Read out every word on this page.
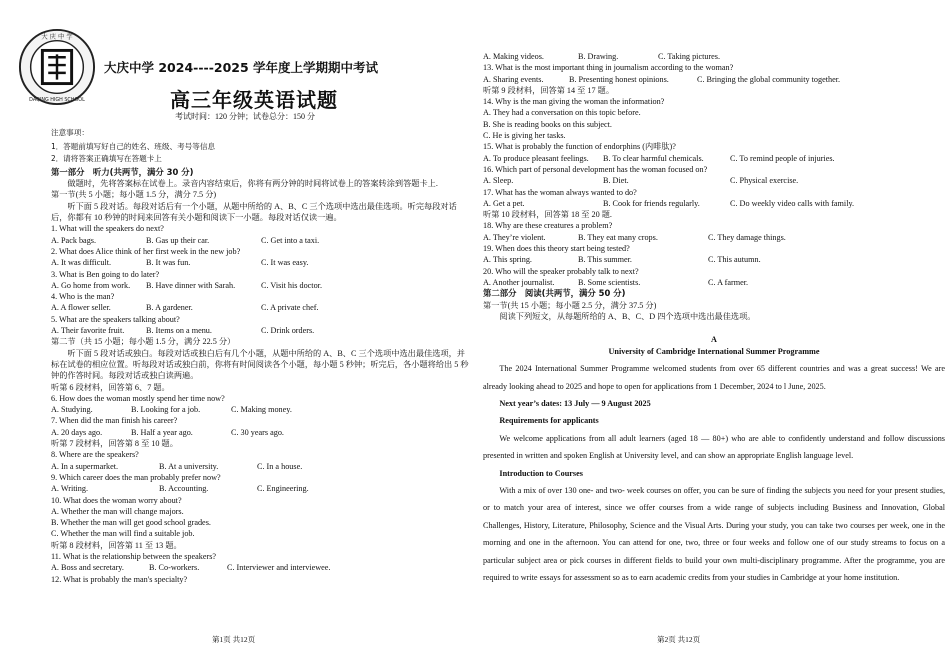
大 庆 中 学
DAQING HIGH SCHOOL
大庆中学 2024----2025 学年度上学期期中考试
高三年级英语试题
考试时间：120 分钟；试卷总分：150 分
注意事项：
1．答题前填写好自己的姓名、班级、考号等信息
2．请将答案正确填写在答题卡上
第一部分　听力(共两节，满分 30 分)
做题时，先将答案标在试卷上。录音内容结束后，你将有两分钟的时间将试卷上的答案转涂到答题卡上.
第一节(共 5 小题；每小题 1.5 分，满分 7.5 分)
听下面 5 段对话。每段对话后有一个小题，从题中所给的 A、B、C 三个选项中选出最佳选项。听完每段对话后，你都有 10 秒钟的时间来回答有关小题和阅读下一小题。每段对话仅读一遍。
1. What will the speakers do next?
A. Pack bags.	B. Gas up their car.	C. Get into a taxi.
2. What does Alice think of her first week in the new job?
A. It was difficult.	B. It was fun.	C. It was easy.
3. What is Ben going to do later?
A. Go home from work. B. Have dinner with Sarah.	C. Visit his doctor.
4. Who is the man?
A. A flower seller.	B. A gardener.	C. A private chef.
5. What are the speakers talking about?
A. Their favorite fruit.	B. Items on a menu.	C. Drink orders.
第二节（共 15 小题；每小题 1.5 分，满分 22.5 分）
听下面 5 段对话或独白。每段对话或独白后有几个小题，从题中所给的 A、B、C 三个选项中选出最佳选项，并标在试卷的相应位置。听每段对话或独白前，你将有时间阅读各个小题，每小题 5 秒钟；听完后，各小题将给出 5 秒钟的作答时间。每段对话或独白读两遍。
听第 6 段材料，回答第 6、7 题。
6. How does the woman mostly spend her time now?
A. Studying.	B. Looking for a job.	C. Making money.
7. When did the man finish his career?
A. 20 days ago.	B. Half a year ago.	C. 30 years ago.
听第 7 段材料，回答第 8 至 10 题。
8. Where are the speakers?
A. In a supermarket.	B. At a university.	C. In a house.
9. Which career does the man probably prefer now?
A. Writing.	B. Accounting.	C. Engineering.
10. What does the woman worry about?
A. Whether the man will change majors.
B. Whether the man will get good school grades.
C. Whether the man will find a suitable job.
听第 8 段材料，回答第 11 至 13 题。
11. What is the relationship between the speakers?
A. Boss and secretary.	B. Co-workers.	C. Interviewer and interviewee.
12. What is probably the man's specialty?
第1页 共12页
A. Making videos.	B. Drawing.	C. Taking pictures.
13. What is the most important thing in journalism according to the woman?
A. Sharing events.	B. Presenting honest opinions.	C. Bringing the global community together.
听第 9 段材料，回答第 14 至 17 题。
14. Why is the man giving the woman the information?
A. They had a conversation on this topic before.
B. She is reading books on this subject.
C. He is giving her tasks.
15. What is probably the function of endorphins (内啡肽)?
A. To produce pleasant feelings. B. To clear harmful chemicals.	C. To remind people of injuries.
16. Which part of personal development has the woman focused on?
A. Sleep.	B. Diet.	C. Physical exercise.
17. What has the woman always wanted to do?
A. Get a pet.	B. Cook for friends regularly.	C. Do weekly video calls with family.
听第 10 段材料，回答第 18 至 20 题.
18. Why are these creatures a problem?
A. They’re violent.	B. They eat many crops.	C. They damage things.
19. When does this theory start being tested?
A. This spring.	B. This summer.	C. This autumn.
20. Who will the speaker probably talk to next?
A. Another journalist.	B. Some scientists.	C. A farmer.
第二部分　阅读(共两节，满分 50 分)
第一节(共 15 小题；每小题 2.5 分，满分 37.5 分)
阅读下列短文，从每题所给的 A、B、C、D 四个选项中选出最佳选项。
A
University of Cambridge International Summer Programme
The 2024 International Summer Programme welcomed students from over 65 different countries and was a great success! We are already looking ahead to 2025 and hope to open for applications from 1 December, 2024 to l June, 2025.
Next year’s dates: 13 July — 9 August 2025
Requirements for applicants
We welcome applications from all adult learners (aged 18 — 80+) who are able to confidently understand and follow discussions presented in written and spoken English at University level, and can show an appropriate English language level.
Introduction to Courses
With a mix of over 130 one- and two- week courses on offer, you can be sure of finding the subjects you need for your present studies, or to match your area of interest, since we offer courses from a wide range of subjects including Business and Innovation, Global Challenges, History, Literature, Philosophy, Science and the Visual Arts. During your study, you can take two courses per week, one in the morning and one in the afternoon. You can attend for one, two, three or four weeks and follow one of our study streams to focus on a particular subject area or pick courses in different fields to build your own multi-disciplinary programme. After the programme, you are required to write essays for assessment so as to earn academic credits from your studies in Cambridge at your home institution.
第2页 共12页
